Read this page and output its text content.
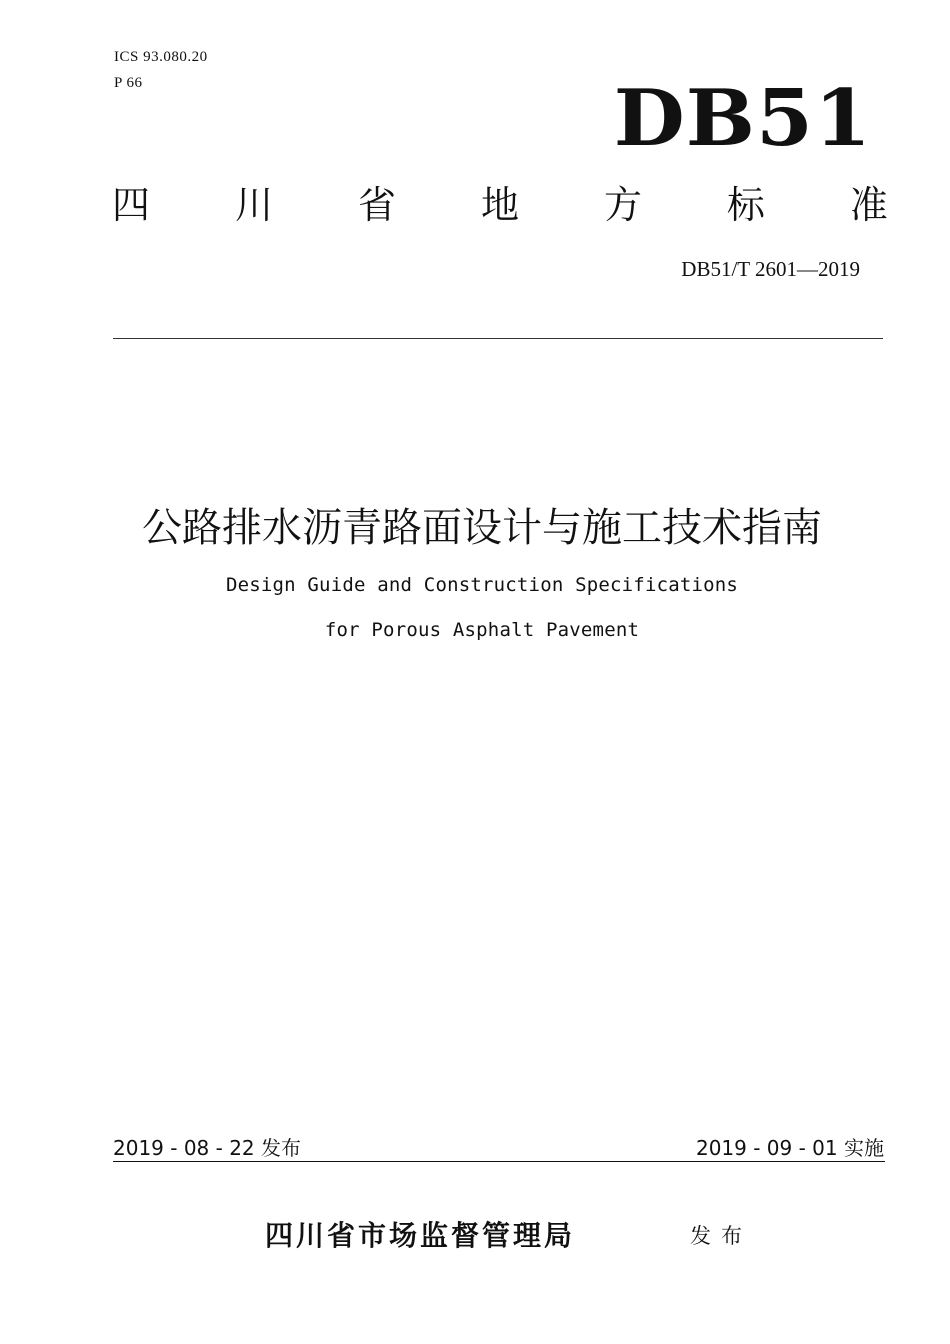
ICS 93.080.20
P 66	DB51
四 川 省 地 方 标 准
DB51/T 2601—2019
公路排水沥青路面设计与施工技术指南
Design Guide and Construction Specifications
for Porous Asphalt Pavement
2019 - 08 - 22 发布	2019 - 09 - 01 实施
四川省市场监督管理局	发布
